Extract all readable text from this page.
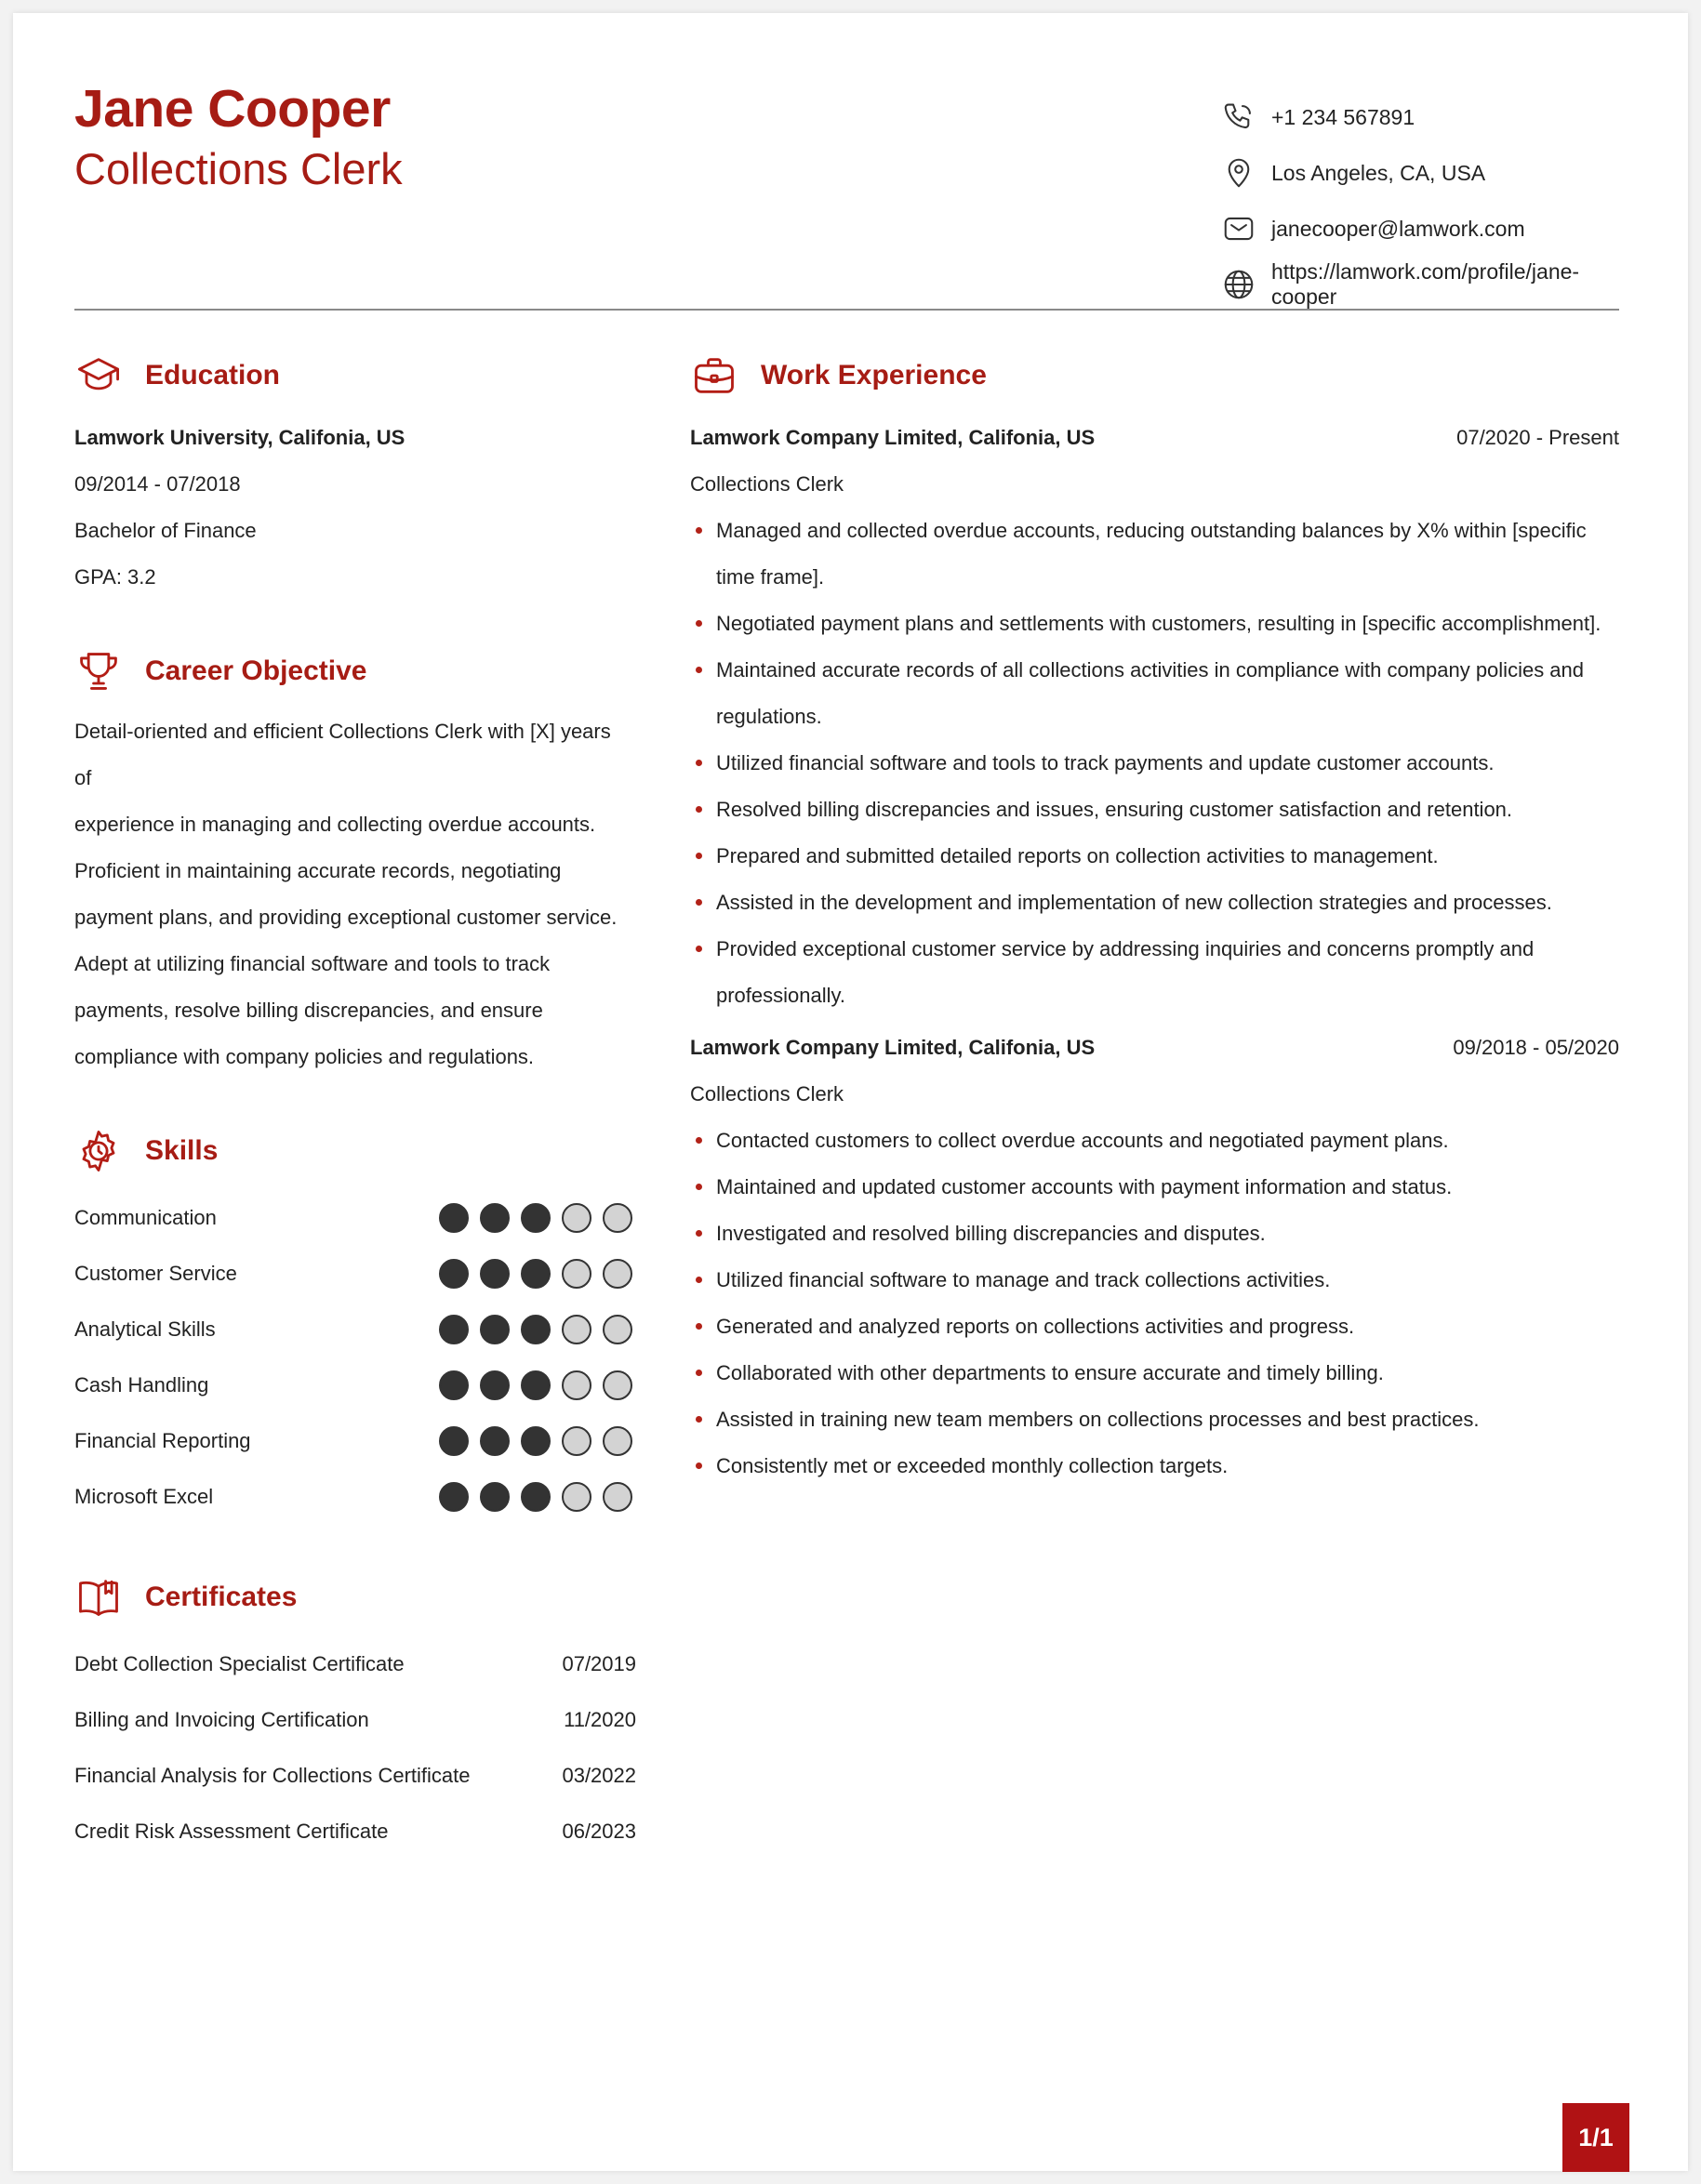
Jane Cooper
Collections Clerk
+1 234 567891
Los Angeles, CA, USA
janecooper@lamwork.com
https://lamwork.com/profile/jane-cooper
Education
Lamwork University, Califonia, US
09/2014 - 07/2018
Bachelor of Finance
GPA: 3.2
Career Objective
Detail-oriented and efficient Collections Clerk with [X] years of
experience in managing and collecting overdue accounts.
Proficient in maintaining accurate records, negotiating
payment plans, and providing exceptional customer service.
Adept at utilizing financial software and tools to track
payments, resolve billing discrepancies, and ensure
compliance with company policies and regulations.
Skills
Communication
Customer Service
Analytical Skills
Cash Handling
Financial Reporting
Microsoft Excel
Certificates
Debt Collection Specialist Certificate	07/2019
Billing and Invoicing Certification	11/2020
Financial Analysis for Collections Certificate	03/2022
Credit Risk Assessment Certificate	06/2023
Work Experience
Lamwork Company Limited, Califonia, US	07/2020 - Present
Collections Clerk
Managed and collected overdue accounts, reducing outstanding balances by X% within [specific time frame].
Negotiated payment plans and settlements with customers, resulting in [specific accomplishment].
Maintained accurate records of all collections activities in compliance with company policies and regulations.
Utilized financial software and tools to track payments and update customer accounts.
Resolved billing discrepancies and issues, ensuring customer satisfaction and retention.
Prepared and submitted detailed reports on collection activities to management.
Assisted in the development and implementation of new collection strategies and processes.
Provided exceptional customer service by addressing inquiries and concerns promptly and professionally.
Lamwork Company Limited, Califonia, US	09/2018 - 05/2020
Collections Clerk
Contacted customers to collect overdue accounts and negotiated payment plans.
Maintained and updated customer accounts with payment information and status.
Investigated and resolved billing discrepancies and disputes.
Utilized financial software to manage and track collections activities.
Generated and analyzed reports on collections activities and progress.
Collaborated with other departments to ensure accurate and timely billing.
Assisted in training new team members on collections processes and best practices.
Consistently met or exceeded monthly collection targets.
1/1
